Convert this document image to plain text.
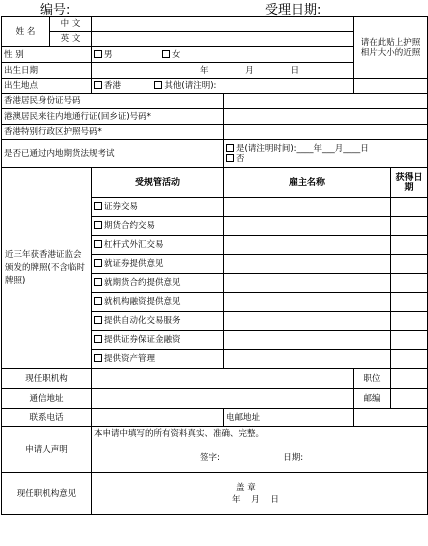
编号:	受理日期:
姓 名	中 文			请在此贴上护照相片大小的近照	
	英 文				
性 别		男 女			
出生日期		年 月 日			
出生地点		香港 其他(请注明):			
香港居民身份证号码					
港澳居民来往内地通行证(回乡证)号码*					
香港特别行政区护照号码*					
是否已通过内地期货法规考试			是(请注明时间):____年___月____日
否		
近三年获香港证监会颁发的牌照(不含临时牌照)		受规管活动	雇主名称		获得日期
		证券交易			
		期货合约交易			
		杠杆式外汇交易			
		就证券提供意见			
		就期货合约提供意见			
		就机构融资提供意见			
		提供自动化交易服务			
		提供证券保证金融资			
		提供资产管理			
现任职机构				职位	
通信地址				邮编	
联系电话			电邮地址		
申请人声明		本申请中填写的所有资料真实、准确、完整。
签字: 日期:			

现任职机构意见		盖 章
年 月 日			
